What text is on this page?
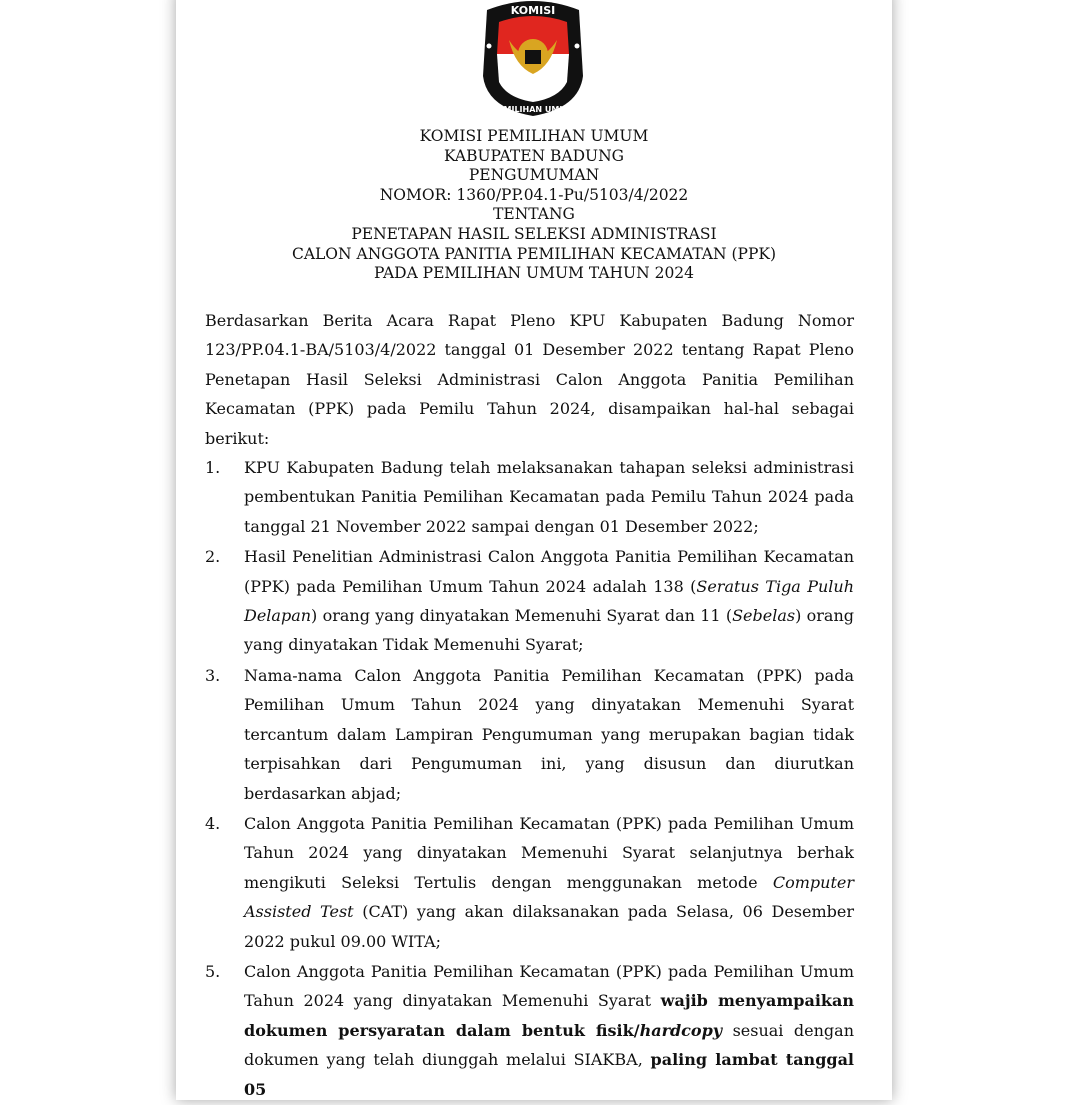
KOMISI
PEMILIHAN UMUM
KOMISI PEMILIHAN UMUM
KABUPATEN BADUNG
PENGUMUMAN
NOMOR: 1360/PP.04.1-Pu/5103/4/2022
TENTANG
PENETAPAN HASIL SELEKSI ADMINISTRASI
CALON ANGGOTA PANITIA PEMILIHAN KECAMATAN (PPK)
PADA PEMILIHAN UMUM TAHUN 2024

Berdasarkan Berita Acara Rapat Pleno KPU Kabupaten Badung Nomor 123/PP.04.1-BA/5103/4/2022 tanggal 01 Desember 2022 tentang Rapat Pleno Penetapan Hasil Seleksi Administrasi Calon Anggota Panitia Pemilihan Kecamatan (PPK) pada Pemilu Tahun 2024, disampaikan hal-hal sebagai berikut:

1. KPU Kabupaten Badung telah melaksanakan tahapan seleksi administrasi pembentukan Panitia Pemilihan Kecamatan pada Pemilu Tahun 2024 pada tanggal 21 November 2022 sampai dengan 01 Desember 2022;
2. Hasil Penelitian Administrasi Calon Anggota Panitia Pemilihan Kecamatan (PPK) pada Pemilihan Umum Tahun 2024 adalah 138 (Seratus Tiga Puluh Delapan) orang yang dinyatakan Memenuhi Syarat dan 11 (Sebelas) orang yang dinyatakan Tidak Memenuhi Syarat;
3. Nama-nama Calon Anggota Panitia Pemilihan Kecamatan (PPK) pada Pemilihan Umum Tahun 2024 yang dinyatakan Memenuhi Syarat tercantum dalam Lampiran Pengumuman yang merupakan bagian tidak terpisahkan dari Pengumuman ini, yang disusun dan diurutkan berdasarkan abjad;
4. Calon Anggota Panitia Pemilihan Kecamatan (PPK) pada Pemilihan Umum Tahun 2024 yang dinyatakan Memenuhi Syarat selanjutnya berhak mengikuti Seleksi Tertulis dengan menggunakan metode Computer Assisted Test (CAT) yang akan dilaksanakan pada Selasa, 06 Desember 2022 pukul 09.00 WITA;
5. Calon Anggota Panitia Pemilihan Kecamatan (PPK) pada Pemilihan Umum Tahun 2024 yang dinyatakan Memenuhi Syarat wajib menyampaikan dokumen persyaratan dalam bentuk fisik/hardcopy sesuai dengan dokumen yang telah diunggah melalui SIAKBA, paling lambat tanggal 05
